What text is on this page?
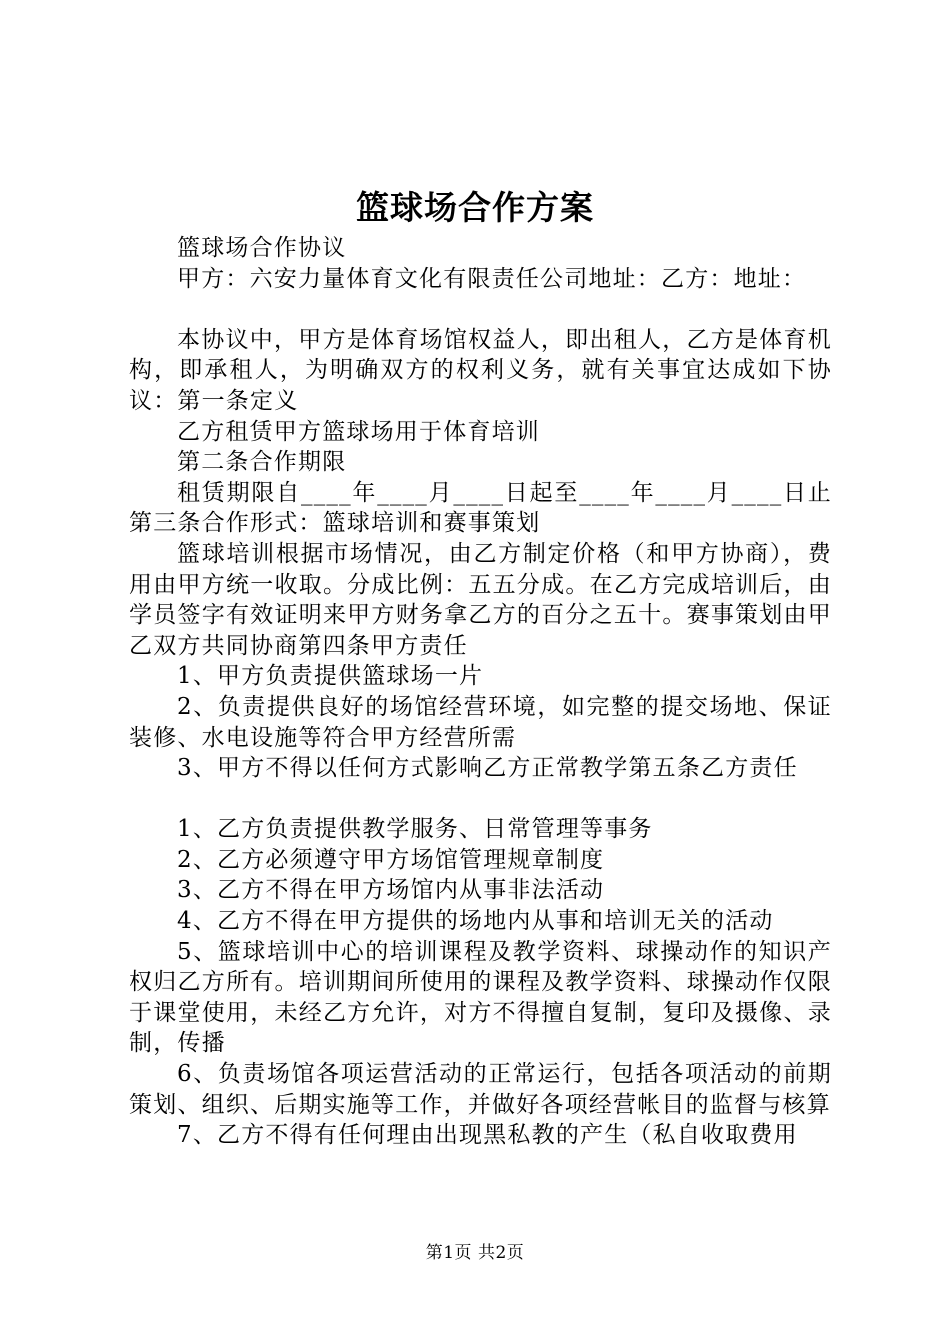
篮球场合作方案

篮球场合作协议

甲方：六安力量体育文化有限责任公司地址：乙方：地址：

本协议中，甲方是体育场馆权益人，即出租人，乙方是体育机构，即承租人，为明确双方的权利义务，就有关事宜达成如下协议：第一条定义

乙方租赁甲方篮球场用于体育培训

第二条合作期限

租赁期限自____年____月____日起至____年____月____日止第三条合作形式：篮球培训和赛事策划

篮球培训根据市场情况，由乙方制定价格（和甲方协商），费用由甲方统一收取。分成比例：五五分成。在乙方完成培训后，由学员签字有效证明来甲方财务拿乙方的百分之五十。赛事策划由甲乙双方共同协商第四条甲方责任

1、甲方负责提供篮球场一片

2、负责提供良好的场馆经营环境，如完整的提交场地、保证装修、水电设施等符合甲方经营所需

3、甲方不得以任何方式影响乙方正常教学第五条乙方责任

1、乙方负责提供教学服务、日常管理等事务

2、乙方必须遵守甲方场馆管理规章制度

3、乙方不得在甲方场馆内从事非法活动

4、乙方不得在甲方提供的场地内从事和培训无关的活动

5、篮球培训中心的培训课程及教学资料、球操动作的知识产权归乙方所有。培训期间所使用的课程及教学资料、球操动作仅限于课堂使用，未经乙方允许，对方不得擅自复制，复印及摄像、录制，传播

6、负责场馆各项运营活动的正常运行，包括各项活动的前期策划、组织、后期实施等工作，并做好各项经营帐目的监督与核算

7、乙方不得有任何理由出现黑私教的产生（私自收取费用

第1页 共2页
